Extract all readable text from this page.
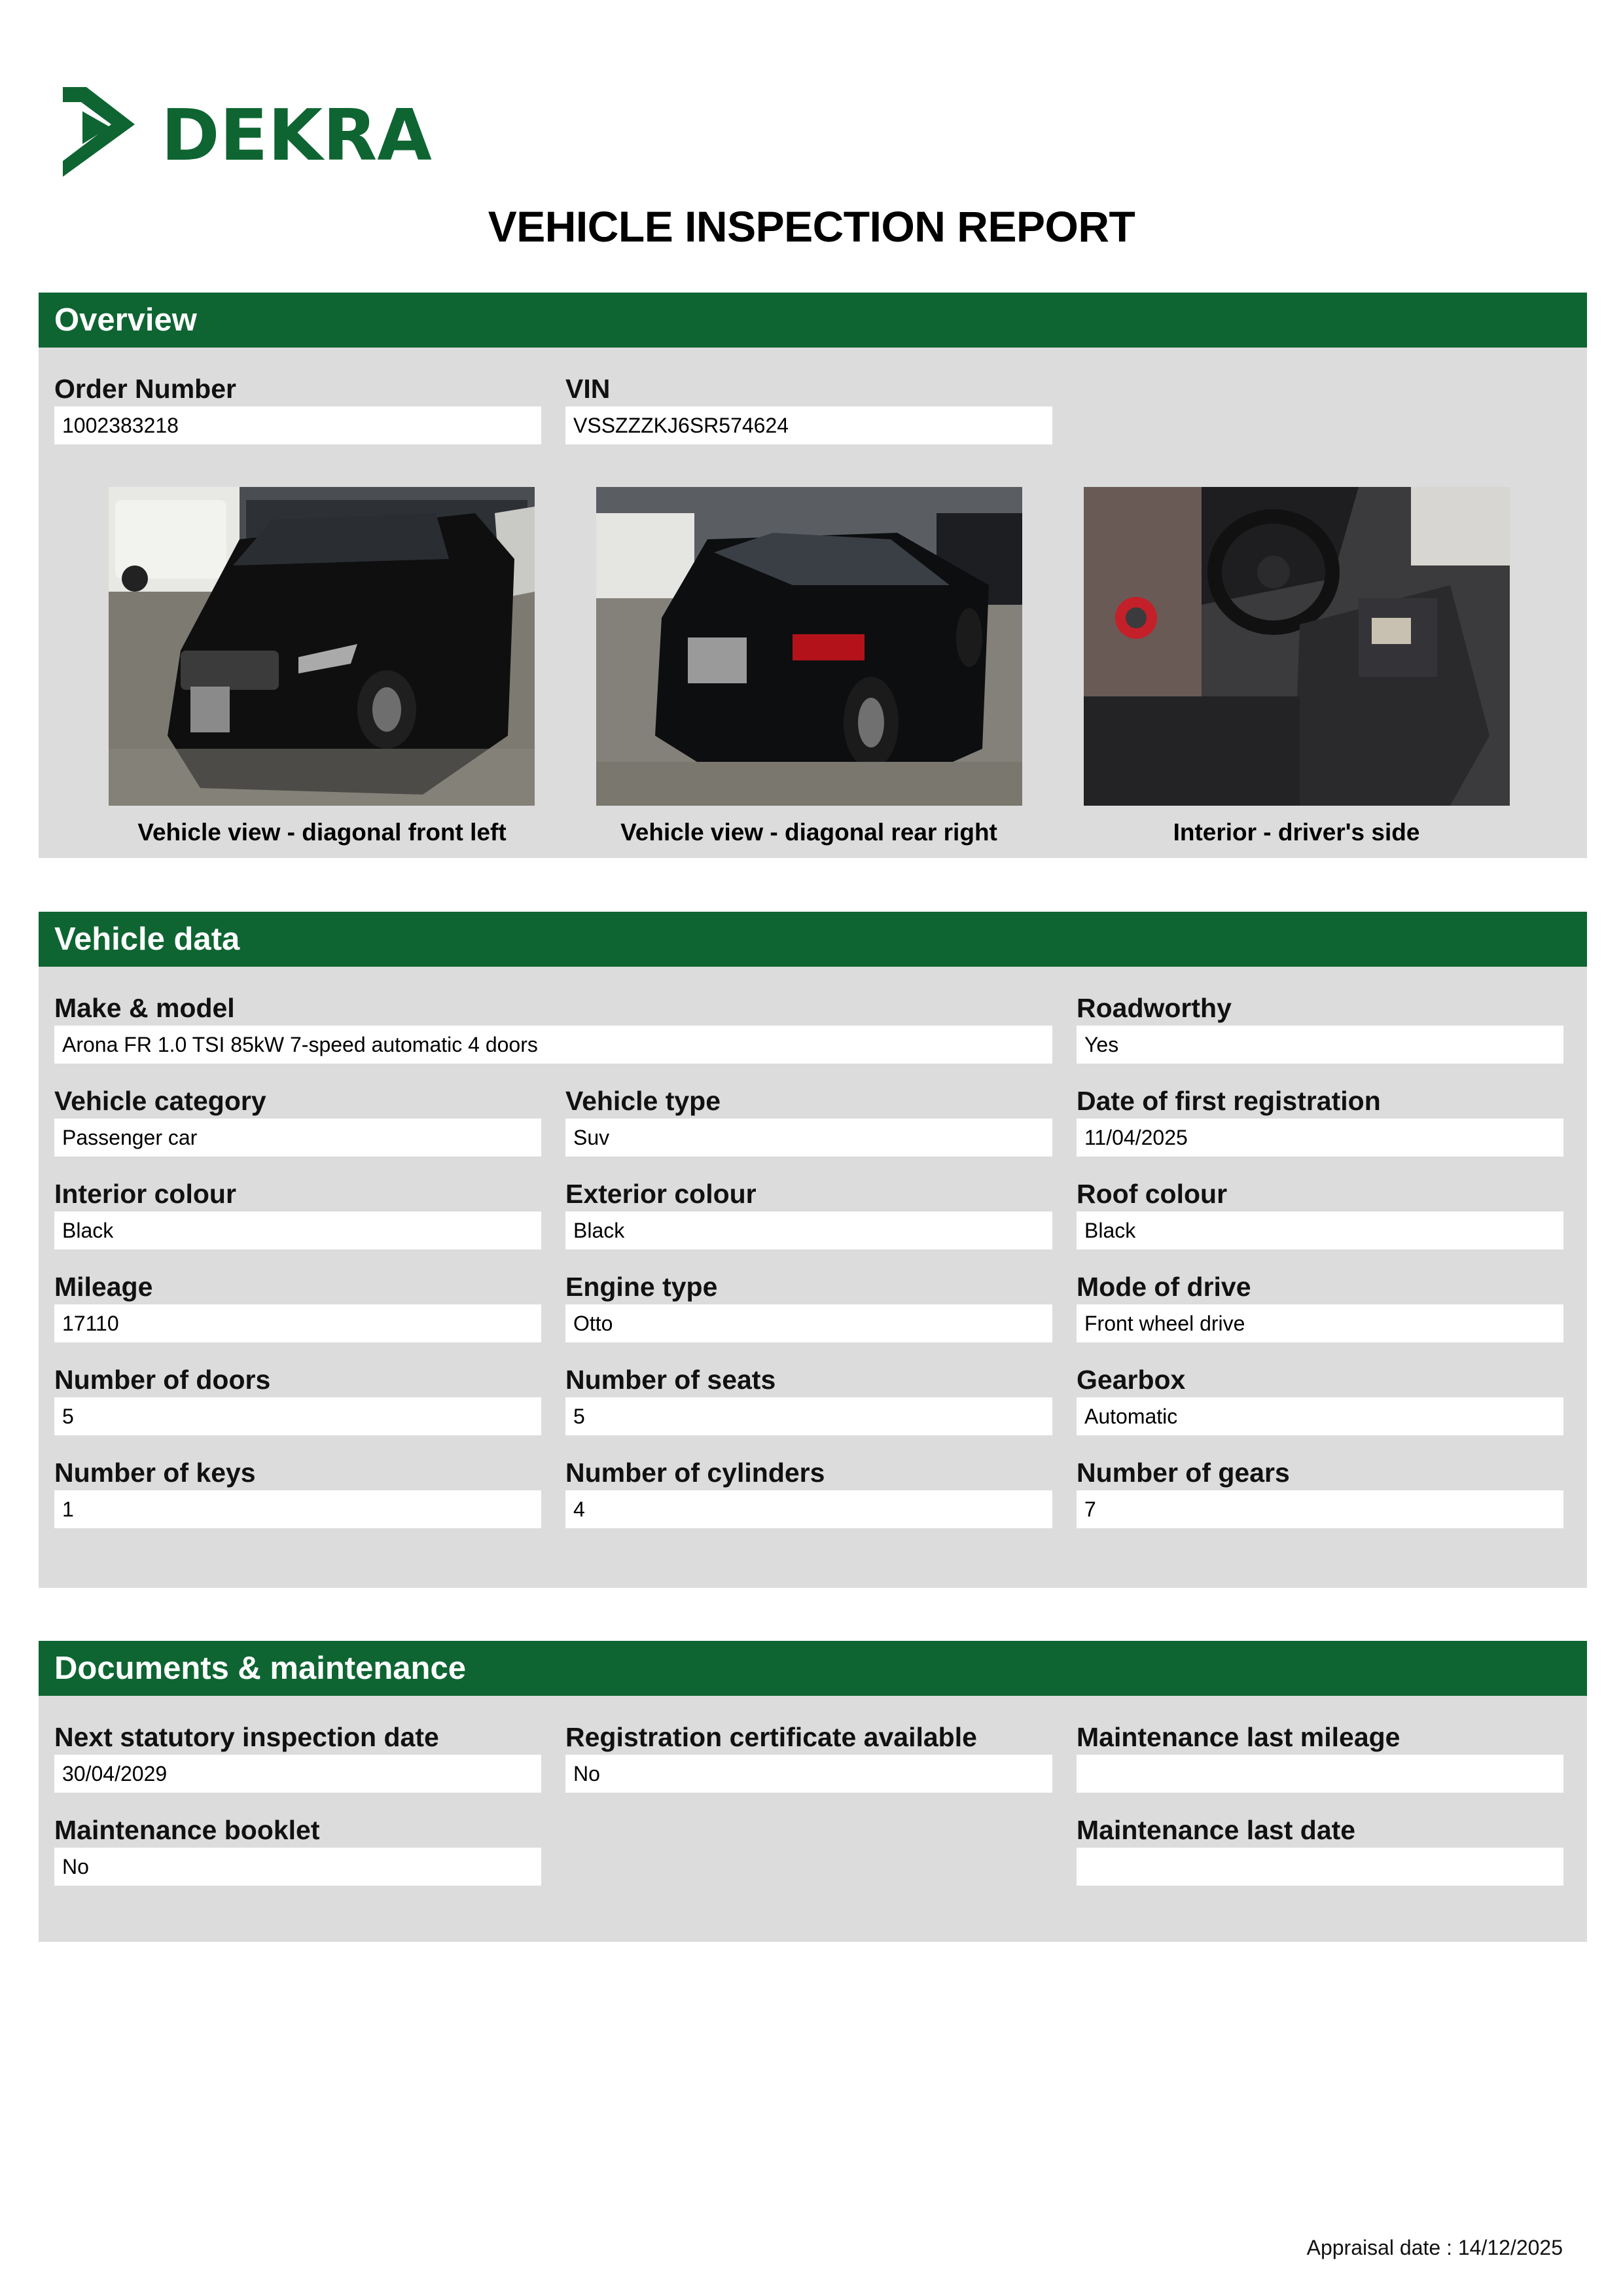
DEKRA
VEHICLE INSPECTION REPORT
Overview
Order Number
1002383218
VIN
VSSZZZKJ6SR574624
Vehicle view - diagonal front left	Vehicle view - diagonal rear right	Interior - driver's side
Vehicle data
Make & model
Arona FR 1.0 TSI 85kW 7-speed automatic 4 doors
Roadworthy
Yes
Vehicle category
Passenger car
Vehicle type
Suv
Date of first registration
11/04/2025
Interior colour
Black
Exterior colour
Black
Roof colour
Black
Mileage
17110
Engine type
Otto
Mode of drive
Front wheel drive
Number of doors
5
Number of seats
5
Gearbox
Automatic
Number of keys
1
Number of cylinders
4
Number of gears
7
Documents & maintenance
Next statutory inspection date
30/04/2029
Registration certificate available
No
Maintenance last mileage
Maintenance booklet
No
Maintenance last date
Appraisal date : 14/12/2025
